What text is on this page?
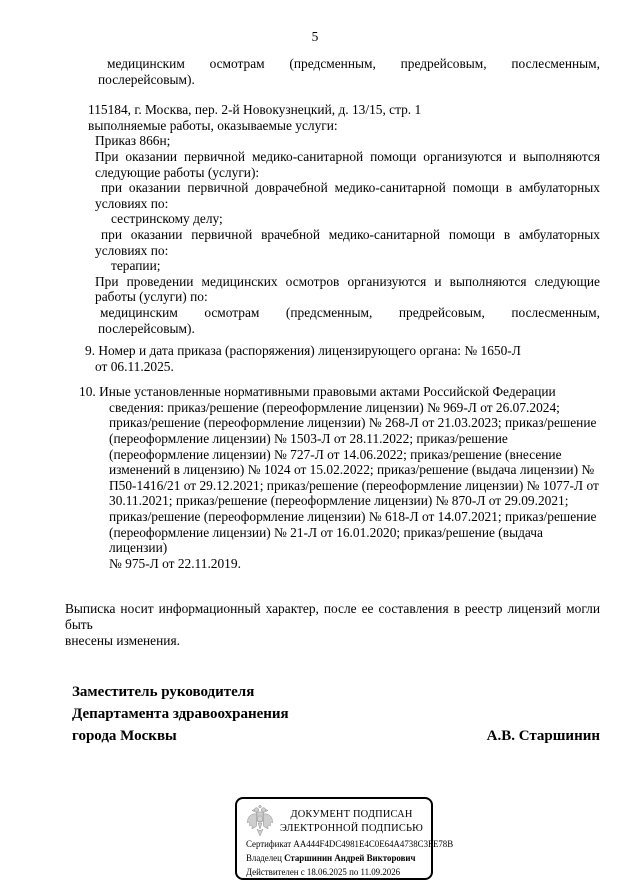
5
медицинским осмотрам (предсменным, предрейсовым, послесменным,
послерейсовым).
115184, г. Москва, пер. 2-й Новокузнецкий, д. 13/15, стр. 1
выполняемые работы, оказываемые услуги:
Приказ 866н;
При оказании первичной медико-санитарной помощи организуются и выполняются
следующие работы (услуги):
при оказании первичной доврачебной медико-санитарной помощи в амбулаторных
условиях по:
сестринскому делу;
при оказании первичной врачебной медико-санитарной помощи в амбулаторных
условиях по:
терапии;
При проведении медицинских осмотров организуются и выполняются следующие
работы (услуги) по:
медицинским осмотрам (предсменным, предрейсовым, послесменным,
послерейсовым).
9. Номер и дата приказа (распоряжения) лицензирующего органа: № 1650-Л
от 06.11.2025.
10. Иные установленные нормативными правовыми актами Российской Федерации
сведения: приказ/решение (переоформление лицензии) № 969-Л от 26.07.2024;
приказ/решение (переоформление лицензии) № 268-Л от 21.03.2023; приказ/решение
(переоформление лицензии) № 1503-Л от 28.11.2022; приказ/решение
(переоформление лицензии) № 727-Л от 14.06.2022; приказ/решение (внесение
изменений в лицензию) № 1024 от 15.02.2022; приказ/решение (выдача лицензии) №
П50-1416/21 от 29.12.2021; приказ/решение (переоформление лицензии) № 1077-Л от
30.11.2021; приказ/решение (переоформление лицензии) № 870-Л от 29.09.2021;
приказ/решение (переоформление лицензии) № 618-Л от 14.07.2021; приказ/решение
(переоформление лицензии) № 21-Л от 16.01.2020; приказ/решение (выдача лицензии)
№ 975-Л от 22.11.2019.
Выписка носит информационный характер, после ее составления в реестр лицензий могли быть
внесены изменения.
Заместитель руководителя
Департамента здравоохранения
города Москвы	А.В. Старшинин
ДОКУМЕНТ ПОДПИСАН
ЭЛЕКТРОННОЙ ПОДПИСЬЮ
Сертификат AA444F4DC4981E4C0E64A4738C3FE78B
Владелец Старшинин Андрей Викторович
Действителен с 18.06.2025 по 11.09.2026
